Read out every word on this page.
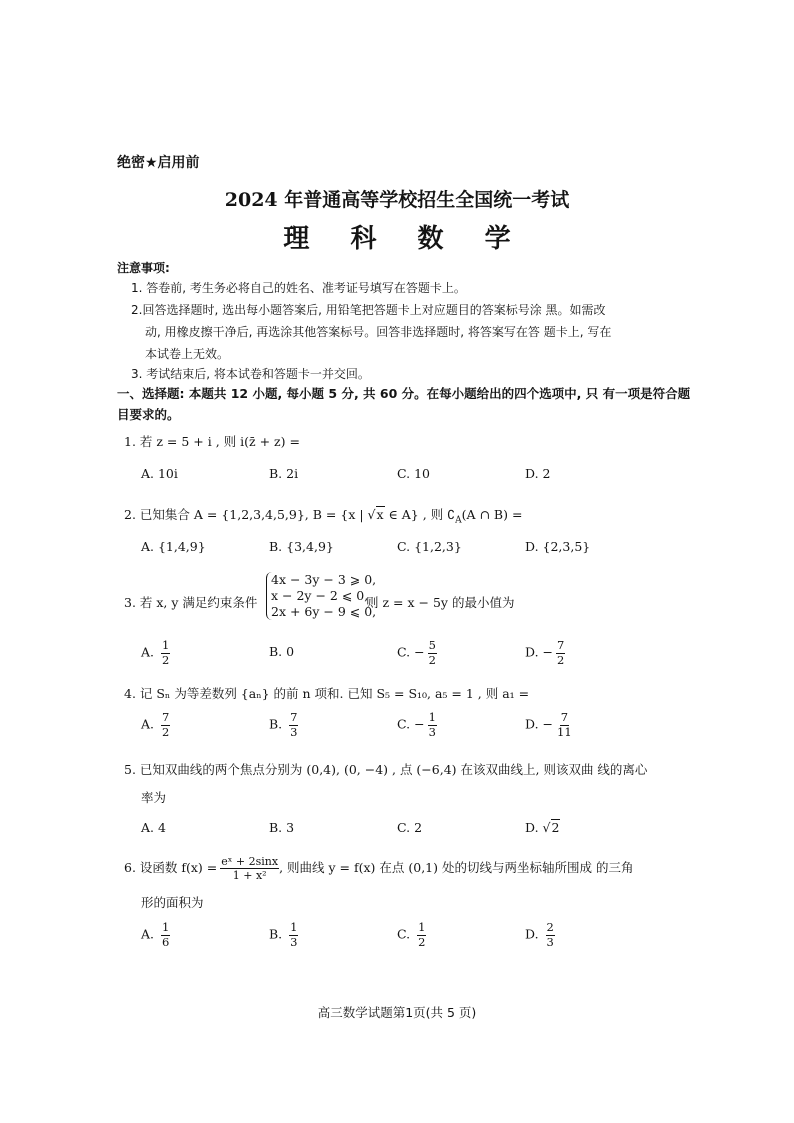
绝密★启用前
2024 年普通高等学校招生全国统一考试
理 科 数 学
注意事项:
1. 答卷前, 考生务必将自己的姓名、准考证号填写在答题卡上。
2.回答选择题时, 选出每小题答案后, 用铅笔把答题卡上对应题目的答案标号涂 黑。如需改
动, 用橡皮擦干净后, 再选涂其他答案标号。回答非选择题时, 将答案写在答 题卡上, 写在
本试卷上无效。
3. 考试结束后, 将本试卷和答题卡一并交回。
一、选择题: 本题共 12 小题, 每小题 5 分, 共 60 分。在每小题给出的四个选项中, 只 有一项是符合题目要求的。
1. 若 z = 5 + i , 则 i(z̄ + z) =
A. 10i	B. 2i	C. 10	D. 2
2. 已知集合 A = {1,2,3,4,5,9}, B = {x | √x ∈ A} , 则 $∁_A(A$ ∩ B) =
A. {1,4,9}	B. {3,4,9}	C. {1,2,3}	D. {2,3,5}
3. 若 x, y 满足约束条件
4x − 3y − 3 ⩾ 0,
x − 2y − 2 ⩽ 0,
2x + 6y − 9 ⩽ 0,
则 z = x − 5y 的最小值为
A. $\frac{1}{2}$	B. 0	C. − $\frac{5}{2}$	D. − $\frac{7}{2}$
4. 记 Sₙ 为等差数列 {aₙ} 的前 n 项和. 已知 S₅ = S₁₀, a₅ = 1 , 则 a₁ =
A. $\frac{7}{2}$	B. $\frac{7}{3}$	C. − $\frac{1}{3}$	D. − $\frac{7}{11}$
5. 已知双曲线的两个焦点分别为 (0,4), (0, −4) , 点 (−6,4) 在该双曲线上, 则该双曲 线的离心
率为
A. 4	B. 3	C. 2	D. √2
6. 设函数 $f(x) = \frac{\text{eˣ + 2sinx}}{\text{1 + x²}}$ , 则曲线 y = f(x) 在点 (0,1) 处的切线与两坐标轴所围成 的三角
形的面积为
A. $\frac{1}{6}$	B. $\frac{1}{3}$	C. $\frac{1}{2}$	D. $\frac{2}{3}$
高三数学试题第1页(共 5 页)
